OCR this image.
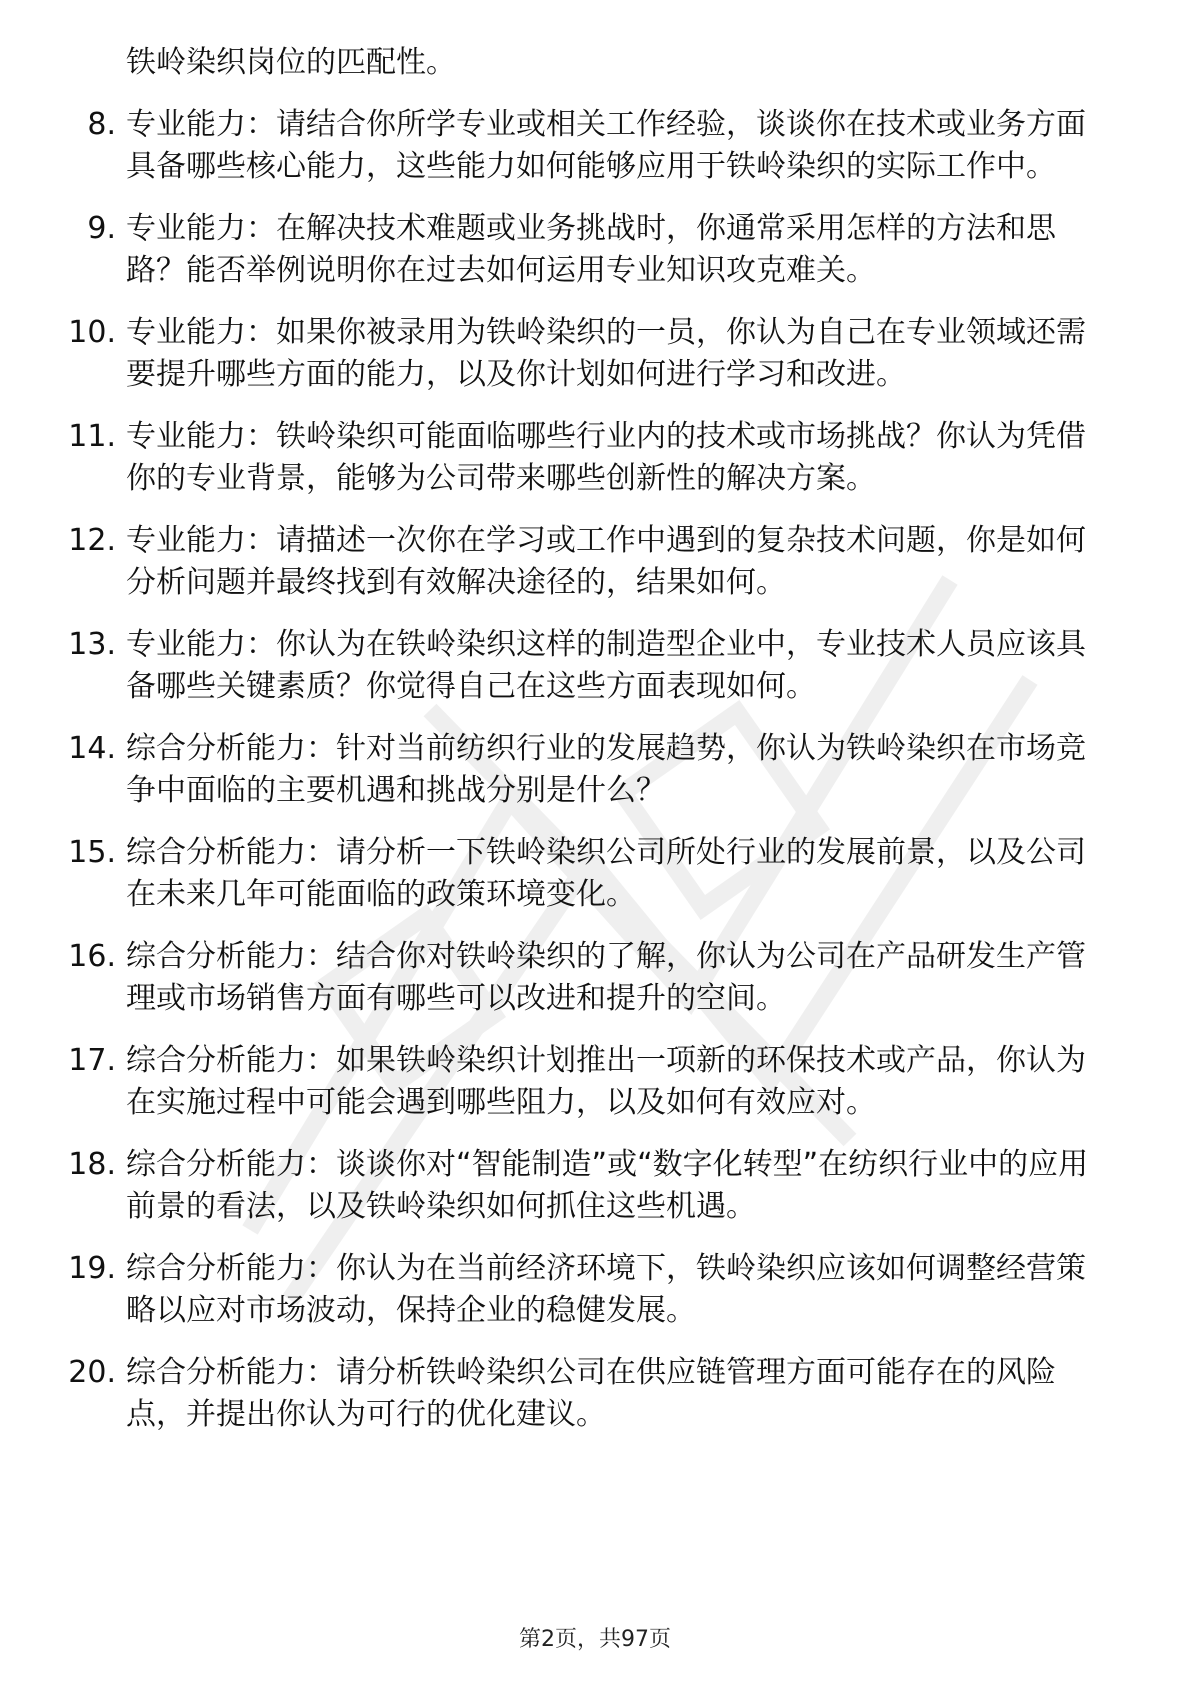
铁岭染织岗位的匹配性。
8. 专业能力：请结合你所学专业或相关工作经验，谈谈你在技术或业务方面具备哪些核心能力，这些能力如何能够应用于铁岭染织的实际工作中。
9. 专业能力：在解决技术难题或业务挑战时，你通常采用怎样的方法和思路？能否举例说明你在过去如何运用专业知识攻克难关。
10. 专业能力：如果你被录用为铁岭染织的一员，你认为自己在专业领域还需要提升哪些方面的能力，以及你计划如何进行学习和改进。
11. 专业能力：铁岭染织可能面临哪些行业内的技术或市场挑战？你认为凭借你的专业背景，能够为公司带来哪些创新性的解决方案。
12. 专业能力：请描述一次你在学习或工作中遇到的复杂技术问题，你是如何分析问题并最终找到有效解决途径的，结果如何。
13. 专业能力：你认为在铁岭染织这样的制造型企业中，专业技术人员应该具备哪些关键素质？你觉得自己在这些方面表现如何。
14. 综合分析能力：针对当前纺织行业的发展趋势，你认为铁岭染织在市场竞争中面临的主要机遇和挑战分别是什么？
15. 综合分析能力：请分析一下铁岭染织公司所处行业的发展前景，以及公司在未来几年可能面临的政策环境变化。
16. 综合分析能力：结合你对铁岭染织的了解，你认为公司在产品研发生产管理或市场销售方面有哪些可以改进和提升的空间。
17. 综合分析能力：如果铁岭染织计划推出一项新的环保技术或产品，你认为在实施过程中可能会遇到哪些阻力，以及如何有效应对。
18. 综合分析能力：谈谈你对“智能制造”或“数字化转型”在纺织行业中的应用前景的看法，以及铁岭染织如何抓住这些机遇。
19. 综合分析能力：你认为在当前经济环境下，铁岭染织应该如何调整经营策略以应对市场波动，保持企业的稳健发展。
20. 综合分析能力：请分析铁岭染织公司在供应链管理方面可能存在的风险点，并提出你认为可行的优化建议。
第2页，共97页
